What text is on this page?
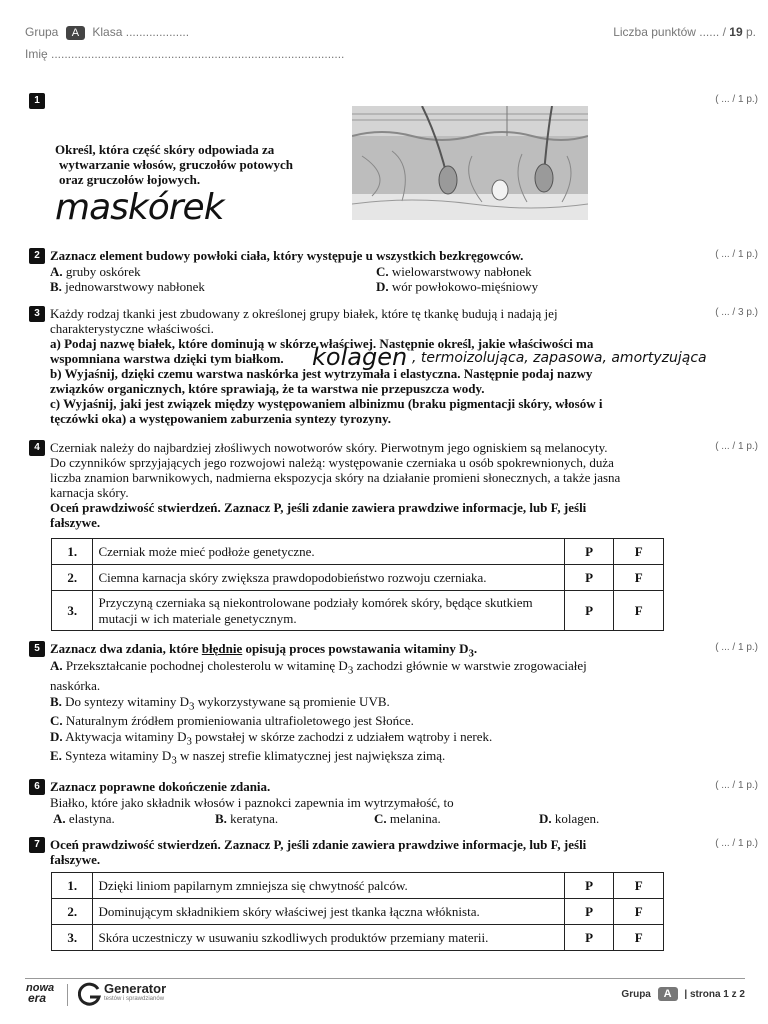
Grupa A Klasa ...................
Imię ........................................................................................
Liczba punktów ...... / 19 p.
1	( ... / 1 p.)
Określ, która część skóry odpowiada za
wytwarzanie włosów, gruczołów potowych
oraz gruczołów łojowych.
maskórek
2	( ... / 1 p.)
Zaznacz element budowy powłoki ciała, który występuje u wszystkich bezkręgowców.
A. gruby oskórek
B. jednowarstwowy nabłonek
C. wielowarstwowy nabłonek
D. wór powłokowo-mięśniowy
3	( ... / 3 p.)
Każdy rodzaj tkanki jest zbudowany z określonej grupy białek, które tę tkankę budują i nadają jej
charakterystyczne właściwości.
a) Podaj nazwę białek, które dominują w skórze właściwej. Następnie określ, jakie właściwości ma
wspomniana warstwa dzięki tym białkom.
b) Wyjaśnij, dzięki czemu warstwa naskórka jest wytrzymała i elastyczna. Następnie podaj nazwy
związków organicznych, które sprawiają, że ta warstwa nie przepuszcza wody.
c) Wyjaśnij, jaki jest związek między występowaniem albinizmu (braku pigmentacji skóry, włosów i
tęczówki oka) a występowaniem zaburzenia syntezy tyrozyny.
kolagen , termoizolująca, zapasowa, amortyzująca
4	( ... / 1 p.)
Czerniak należy do najbardziej złośliwych nowotworów skóry. Pierwotnym jego ogniskiem są melanocyty.
Do czynników sprzyjających jego rozwojowi należą: występowanie czerniaka u osób spokrewnionych, duża
liczba znamion barwnikowych, nadmierna ekspozycja skóry na działanie promieni słonecznych, a także jasna
karnacja skóry.
Oceń prawdziwość stwierdzeń. Zaznacz P, jeśli zdanie zawiera prawdziwe informacje, lub F, jeśli
fałszywe.
1.	Czerniak może mieć podłoże genetyczne.	P	F
2.	Ciemna karnacja skóry zwiększa prawdopodobieństwo rozwoju czerniaka.	P	F
3.	Przyczyną czerniaka są niekontrolowane podziały komórek skóry, będące skutkiem mutacji w ich materiale genetycznym.	P	F
5	( ... / 1 p.)
Zaznacz dwa zdania, które błędnie opisują proces powstawania witaminy $D_3$.
A. Przekształcanie pochodnej cholesterolu w witaminę $D_3$ zachodzi głównie w warstwie zrogowaciałej
naskórka.
B. Do syntezy witaminy $D_3$ wykorzystywane są promienie UVB.
C. Naturalnym źródłem promieniowania ultrafioletowego jest Słońce.
D. Aktywacja witaminy $D_3$ powstałej w skórze zachodzi z udziałem wątroby i nerek.
E. Synteza witaminy $D_3$ w naszej strefie klimatycznej jest największa zimą.
6	( ... / 1 p.)
Zaznacz poprawne dokończenie zdania.
Białko, które jako składnik włosów i paznokci zapewnia im wytrzymałość, to
A. elastyna.	B. keratyna.	C. melanina.	D. kolagen.
7	( ... / 1 p.)
Oceń prawdziwość stwierdzeń. Zaznacz P, jeśli zdanie zawiera prawdziwe informacje, lub F, jeśli
fałszywe.
1.	Dzięki liniom papilarnym zmniejsza się chwytność palców.	P	F
2.	Dominującym składnikiem skóry właściwej jest tkanka łączna włóknista.	P	F
3.	Skóra uczestniczy w usuwaniu szkodliwych produktów przemiany materii.	P	F
nowa
era
Generator
testów i sprawdzianów	Grupa A | strona 1 z 2
